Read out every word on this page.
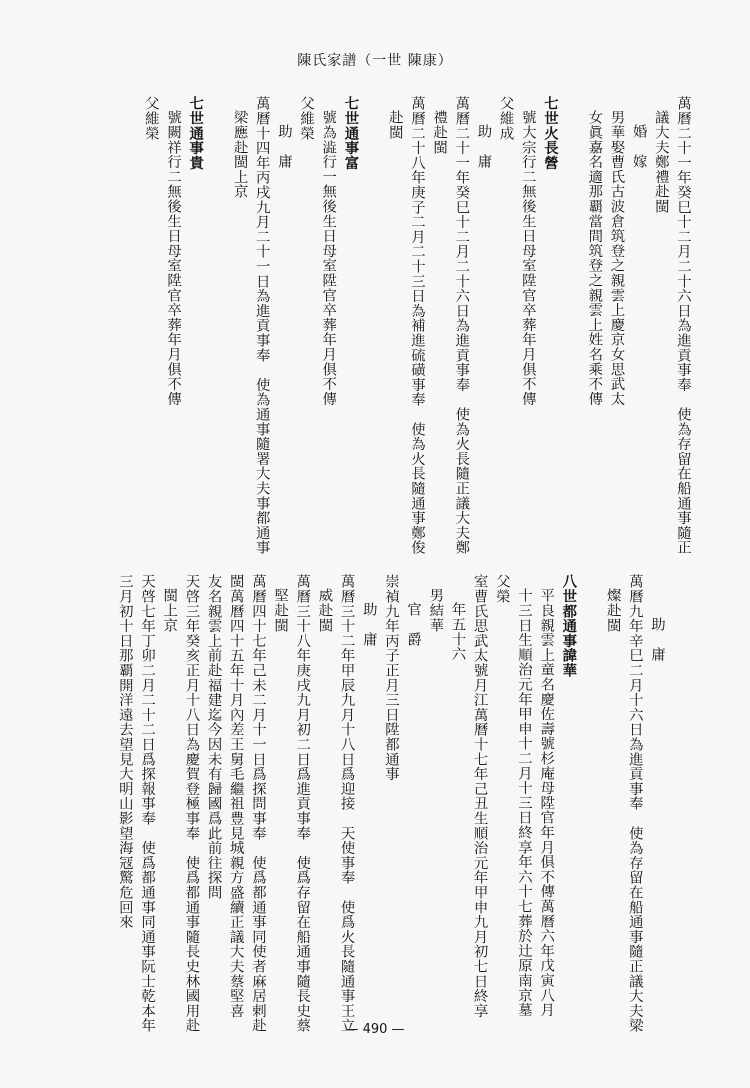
陳氏家譜（一世 陳康）
萬曆二十一年癸巳十二月二十六日為進貢事奉　使為存留在船通事隨正
議大夫鄭禮赴閩
婚　嫁
男華娶曹氏古波倉筑登之親雲上慶京女思武太
女眞嘉名適那覇當間筑登之親雲上姓名乘不傳

七世火長營
號大宗行二無後生日母室陞官卒葬年月俱不傳
父維成
助　庸
萬曆二十一年癸巳十二月二十六日為進貢事奉　使為火長隨正議大夫鄭
禮赴閩
萬曆二十八年庚子二月二十三日為補進硫磺事奉　使為火長隨通事鄭俊
赴閩

七世通事富
號為澁行一無後生日母室陞官卒葬年月俱不傳
父維榮
助　庸
萬曆十四年丙戌九月二十一日為進貢事奉　使為通事隨署大夫事都通事
梁應赴閩上京

七世通事貴
號闕祥行二無後生日母室陞官卒葬年月俱不傳
父維榮
助　庸
萬曆九年辛巳二月十六日為進貢事奉　使為存留在船通事隨正議大夫梁
燦赴閩

八世都通事諱華
平良親雲上童名慶佐壽號杉庵母陞官年月俱不傳萬曆六年戊寅八月
十三日生順治元年甲申十二月十三日終享年六十七葬於辻原南京墓
父榮
室曹氏思武太號月江萬曆十七年己丑生順治元年甲申九月初七日終享
年五十六
男結華
官　爵
崇禎九年丙子正月三日陞都通事
助　庸
萬曆三十二年甲辰九月十八日爲迎接　天使事奉　使爲火長隨通事王立
威赴閩
萬曆三十八年庚戌九月初二日爲進貢事奉　使爲存留在船通事隨長史蔡
堅赴閩
萬曆四十七年己未二月十一日爲探問事奉　使爲都通事同使者麻居剌赴
閩萬曆四十五年十月內差王舅毛繼祖豊見城親方盛續正議大夫蔡堅喜
友名親雲上前赴福建迄今因未有歸國爲此前往探問
天啓三年癸亥正月十八日為慶賀登極事奉　使爲都通事隨長史林國用赴
閩上京
天啓七年丁卯二月二十二日爲探報事奉　使爲都通事同通事阮士乾本年
三月初十日那覇開洋遠去望見大明山影望海冦驚危回來
— 490 —
